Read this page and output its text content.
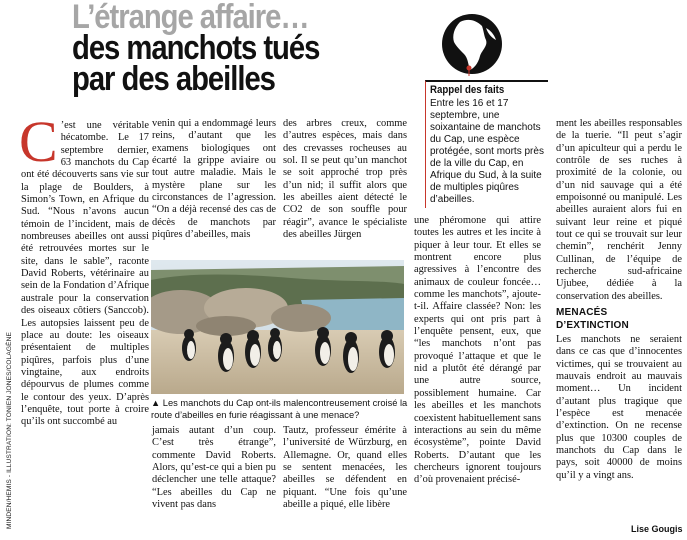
MINDEN/HEMIS - ILLUSTRATION: TONIEN JONES/COLAGÈNE
L’étrange affaire…
des manchots tués
par des abeilles	Rappel des faits
Entre les 16 et 17 septembre, une soixantaine de manchots du Cap, une espèce protégée, sont morts près de la ville du Cap, en Afrique du Sud, à la suite de multiples piqûres d’abeilles.
C ’est une véritable hécatombe. Le 17 septembre dernier, 63 manchots du Cap ont été découverts sans vie sur la plage de Boulders, à Simon’s Town, en Afrique du Sud. “Nous n’avons aucun témoin de l’incident, mais de nombreuses abeilles ont aussi été retrouvées mortes sur le site, dans le sable”, raconte David Roberts, vétérinaire au sein de la Fondation d’Afrique australe pour la conservation des oiseaux côtiers (Sanccob). Les autopsies laissent peu de place au doute: les oiseaux présentaient de multiples piqûres, parfois plus d’une vingtaine, aux endroits dépourvus de plumes comme le contour des yeux. D’après l’enquête, tout porte à croire qu’ils ont succombé au

venin qui a endommagé leurs reins, d’autant que les examens biologiques ont écarté la grippe aviaire ou tout autre maladie. Mais le mystère plane sur les circonstances de l’agression. “On a déjà recensé des cas de décès de manchots par piqûres d’abeilles, mais

des arbres creux, comme d’autres espèces, mais dans des crevasses rocheuses au sol. Il se peut qu’un manchot se soit approché trop près d’un nid; il suffit alors que les abeilles aient détecté le CO2 de son souffle pour réagir”, avance le spécialiste des abeilles Jürgen

▲ Les manchots du Cap ont-ils malencontreusement croisé la route d’abeilles en furie réagissant à une menace?

jamais autant d’un coup. C’est très étrange”, commente David Roberts. Alors, qu’est-ce qui a bien pu déclencher une telle attaque? “Les abeilles du Cap ne vivent pas dans

Tautz, professeur émérite à l’université de Würzburg, en Allemagne. Or, quand elles se sentent menacées, les abeilles se défendent en piquant. “Une fois qu’une abeille a piqué, elle libère

une phéromone qui attire toutes les autres et les incite à piquer à leur tour. Et elles se montrent encore plus agressives à l’encontre des animaux de couleur foncée… comme les manchots”, ajoute-t-il. Affaire classée? Non: les experts qui ont pris part à l’enquête pensent, eux, que “les manchots n’ont pas provoqué l’attaque et que le nid a plutôt été dérangé par une autre source, possiblement humaine. Car les abeilles et les manchots coexistent habituellement sans interactions au sein du même écosystème”, pointe David Roberts. D’autant que les chercheurs ignorent toujours d’où provenaient précisé-

ment les abeilles responsables de la tuerie. “Il peut s’agir d’un apiculteur qui a perdu le contrôle de ses ruches à proximité de la colonie, ou d’un nid sauvage qui a été empoisonné ou manipulé. Les abeilles auraient alors fui en suivant leur reine et piqué tout ce qui se trouvait sur leur chemin”, renchérit Jenny Cullinan, de l’équipe de recherche sud-africaine Ujubee, dédiée à la conservation des abeilles.

MENACÉS D’EXTINCTION

Les manchots ne seraient dans ce cas que d’innocentes victimes, qui se trouvaient au mauvais endroit au mauvais moment… Un incident d’autant plus tragique que l’espèce est menacée d’extinction. On ne recense plus que 10300 couples de manchots du Cap dans le pays, soit 40000 de moins qu’il y a vingt ans.

Lise Gougis
